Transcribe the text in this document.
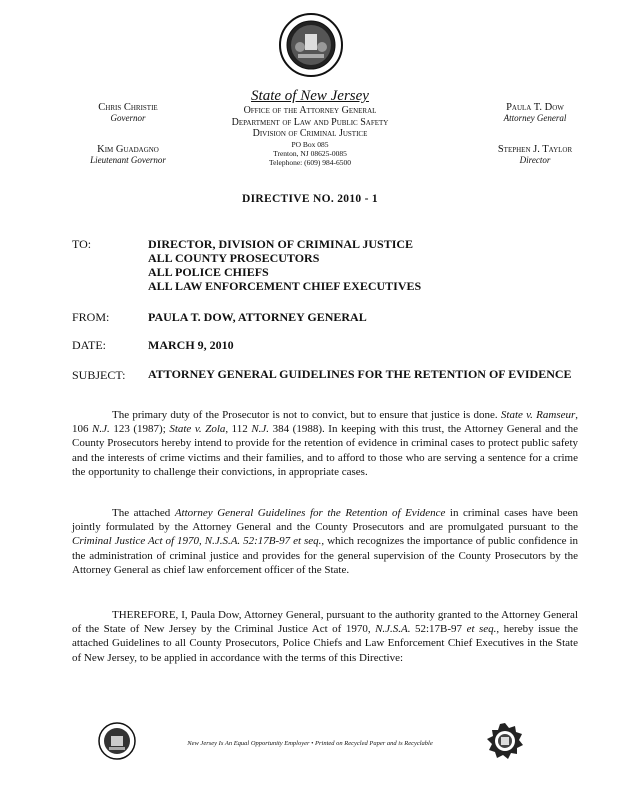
Chris Christie
Governor
Kim Guadagno
Lieutenant Governor
State of New Jersey
Office of the Attorney General
Department of Law and Public Safety
Division of Criminal Justice
PO Box 085
Trenton, NJ 08625-0085
Telephone: (609) 984-6500
Paula T. Dow
Attorney General
Stephen J. Taylor
Director
DIRECTIVE NO. 2010 - 1
TO:	DIRECTOR, DIVISION OF CRIMINAL JUSTICE
ALL COUNTY PROSECUTORS
ALL POLICE CHIEFS
ALL LAW ENFORCEMENT CHIEF EXECUTIVES
FROM:	PAULA T. DOW, ATTORNEY GENERAL
DATE:	MARCH 9, 2010
SUBJECT: ATTORNEY GENERAL GUIDELINES FOR THE RETENTION OF EVIDENCE
The primary duty of the Prosecutor is not to convict, but to ensure that justice is done. State v. Ramseur, 106 N.J. 123 (1987); State v. Zola, 112 N.J. 384 (1988). In keeping with this trust, the Attorney General and the County Prosecutors hereby intend to provide for the retention of evidence in criminal cases to protect public safety and the interests of crime victims and their families, and to afford to those who are serving a sentence for a crime the opportunity to challenge their convictions, in appropriate cases.
The attached Attorney General Guidelines for the Retention of Evidence in criminal cases have been jointly formulated by the Attorney General and the County Prosecutors and are promulgated pursuant to the Criminal Justice Act of 1970, N.J.S.A. 52:17B-97 et seq., which recognizes the importance of public confidence in the administration of criminal justice and provides for the general supervision of the County Prosecutors by the Attorney General as chief law enforcement officer of the State.
THEREFORE, I, Paula Dow, Attorney General, pursuant to the authority granted to the Attorney General of the State of New Jersey by the Criminal Justice Act of 1970, N.J.S.A. 52:17B-97 et seq., hereby issue the attached Guidelines to all County Prosecutors, Police Chiefs and Law Enforcement Chief Executives in the State of New Jersey, to be applied in accordance with the terms of this Directive:
New Jersey Is An Equal Opportunity Employer • Printed on Recycled Paper and is Recyclable
